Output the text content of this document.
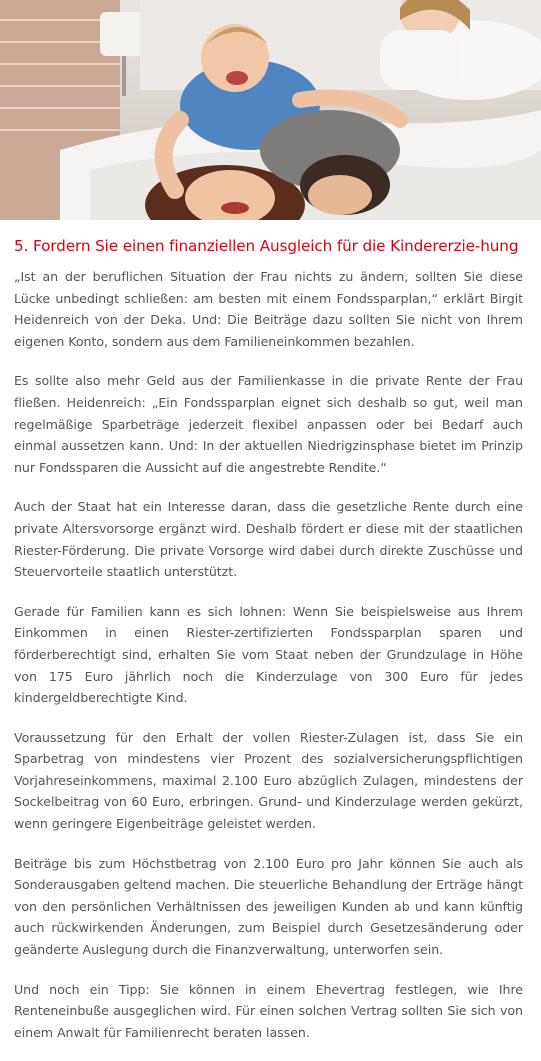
5. Fordern Sie einen finanziellen Ausgleich für die Kindererzie-hung

„Ist an der beruflichen Situation der Frau nichts zu ändern, sollten Sie diese Lücke unbedingt schließen: am besten mit einem Fondssparplan,“ erklärt Birgit Heidenreich von der Deka. Und: Die Beiträge dazu sollten Sie nicht von Ihrem eigenen Konto, sondern aus dem Familieneinkommen bezahlen.

Es sollte also mehr Geld aus der Familienkasse in die private Rente der Frau fließen. Heidenreich: „Ein Fondssparplan eignet sich deshalb so gut, weil man regelmäßige Sparbeträge jederzeit flexibel anpassen oder bei Bedarf auch einmal aussetzen kann. Und: In der aktuellen Niedrigzinsphase bietet im Prinzip nur Fondssparen die Aussicht auf die angestrebte Rendite.“

Auch der Staat hat ein Interesse daran, dass die gesetzliche Rente durch eine private Altersvorsorge ergänzt wird. Deshalb fördert er diese mit der staatlichen Riester-Förderung. Die private Vorsorge wird dabei durch direkte Zuschüsse und Steuervorteile staatlich unterstützt.

Gerade für Familien kann es sich lohnen: Wenn Sie beispielsweise aus Ihrem Einkommen in einen Riester-zertifizierten Fondssparplan sparen und förderberechtigt sind, erhalten Sie vom Staat neben der Grundzulage in Höhe von 175 Euro jährlich noch die Kinderzulage von 300 Euro für jedes kindergeldberechtigte Kind.

Voraussetzung für den Erhalt der vollen Riester-Zulagen ist, dass Sie ein Sparbetrag von mindestens vier Prozent des sozialversicherungspflichtigen Vorjahreseinkommens, maximal 2.100 Euro abzüglich Zulagen, mindestens der Sockelbeitrag von 60 Euro, erbringen. Grund- und Kinderzulage werden gekürzt, wenn geringere Eigenbeiträge geleistet werden.

Beiträge bis zum Höchstbetrag von 2.100 Euro pro Jahr können Sie auch als Sonderausgaben geltend machen. Die steuerliche Behandlung der Erträge hängt von den persönlichen Verhältnissen des jeweiligen Kunden ab und kann künftig auch rückwirkenden Änderungen, zum Beispiel durch Gesetzesänderung oder geänderte Auslegung durch die Finanzverwaltung, unterworfen sein.

Und noch ein Tipp: Sie können in einem Ehevertrag festlegen, wie Ihre Renteneinbuße ausgeglichen wird. Für einen solchen Vertrag sollten Sie sich von einem Anwalt für Familienrecht beraten lassen.
